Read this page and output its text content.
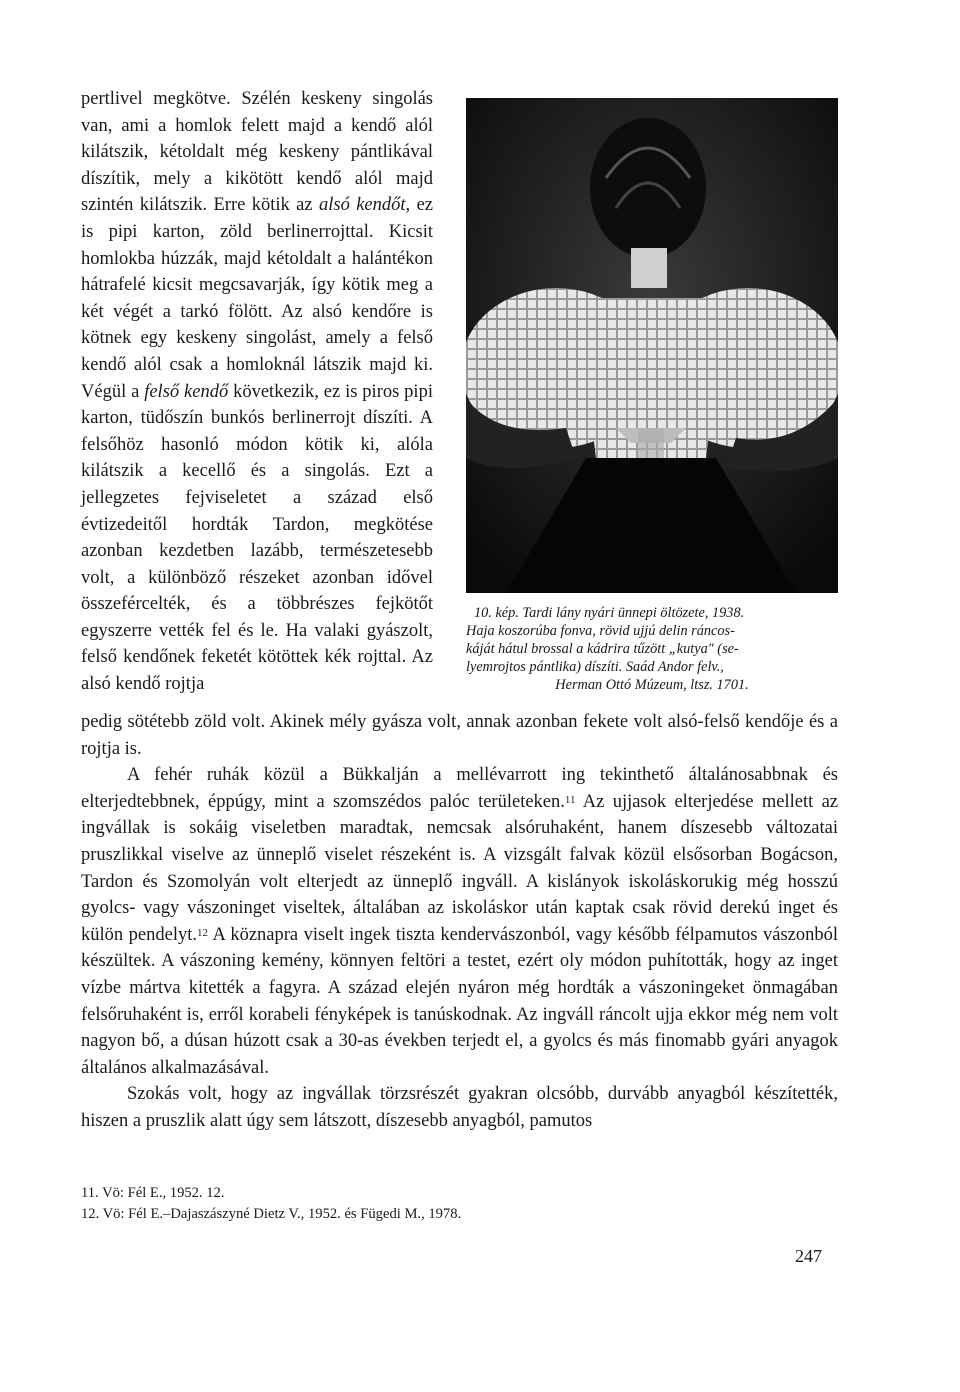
pertlivel megkötve. Szélén keskeny singolás van, ami a homlok felett majd a kendő alól kilátszik, kétoldalt még keskeny pántlikával díszítik, mely a kikötött kendő alól majd szintén kilátszik. Erre kötik az alsó kendőt, ez is pipi karton, zöld berlinerrojttal. Kicsit homlokba húzzák, majd kétoldalt a halántékon hátrafelé kicsit megcsavarják, így kötik meg a két végét a tarkó fölött. Az alsó kendőre is kötnek egy keskeny singolást, amely a felső kendő alól csak a homloknál látszik majd ki. Végül a felső kendő következik, ez is piros pipi karton, tüdőszín bunkós berlinerrojt díszíti. A felsőhöz hasonló módon kötik ki, alóla kilátszik a kecellő és a singolás. Ezt a jellegzetes fejviseletet a század első évtizedeitől hordták Tardon, megkötése azonban kezdetben lazább, természetesebb volt, a különböző részeket azonban idővel összefércelték, és a többrészes fejkötőt egyszerre vették fel és le. Ha valaki gyászolt, felső kendőnek feketét kötöttek kék rojttal. Az alsó kendő rojtja

10. kép. Tardi lány nyári ünnepi öltözete, 1938.
Haja koszorúba fonva, rövid ujjú delin ráncos-
káját hátul brossal a kádrira tűzött „kutya" (se-
lyemrojtos pántlika) díszíti. Saád Andor felv.,
Herman Ottó Múzeum, ltsz. 1701.

pedig sötétebb zöld volt. Akinek mély gyásza volt, annak azonban fekete volt alsó-felső kendője és a rojtja is.

A fehér ruhák közül a Bükkalján a mellévarrott ing tekinthető általánosabbnak és elterjedtebbnek, éppúgy, mint a szomszédos palóc területeken.$^{11}$ Az ujjasok elterjedése mellett az ingvállak is sokáig viseletben maradtak, nemcsak alsóruhaként, hanem díszesebb változatai pruszlikkal viselve az ünneplő viselet részeként is. A vizsgált falvak közül elsősorban Bogácson, Tardon és Szomolyán volt elterjedt az ünneplő ingváll. A kislányok iskoláskorukig még hosszú gyolcs- vagy vászoninget viseltek, általában az iskoláskor után kaptak csak rövid derekú inget és külön pendelyt.$^{12}$ A köznapra viselt ingek tiszta kendervászonból, vagy később félpamutos vászonból készültek. A vászoning kemény, könnyen feltöri a testet, ezért oly módon puhították, hogy az inget vízbe mártva kitették a fagyra. A század elején nyáron még hordták a vászoningeket önmagában felsőruhaként is, erről korabeli fényképek is tanúskodnak. Az ingváll ráncolt ujja ekkor még nem volt nagyon bő, a dúsan húzott csak a 30-as években terjedt el, a gyolcs és más finomabb gyári anyagok általános alkalmazásával.

Szokás volt, hogy az ingvállak törzsrészét gyakran olcsóbb, durvább anyagból készítették, hiszen a pruszlik alatt úgy sem látszott, díszesebb anyagból, pamutos

11. Vö: Fél E., 1952. 12.
12. Vö: Fél E.–Dajaszászyné Dietz V., 1952. és Fügedi M., 1978.
247
